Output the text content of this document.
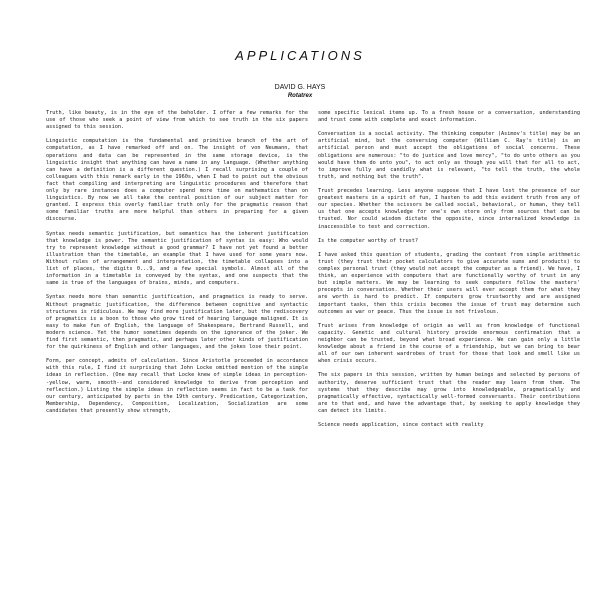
APPLICATIONS
DAVID G. HAYS
Rotatrex

Truth, like beauty, is in the eye of the beholder. I offer a few remarks for the use of those who seek a point of view from which to see truth in the six papers assigned to this session.

Linguistic computation is the fundamental and primitive branch of the art of computation, as I have remarked off and on. The insight of von Neumann, that operations and data can be represented in the same storage device, is the linguistic insight that anything can have a name in any language. (Whether anything can have a definition is a different question.) I recall surprising a couple of colleagues with this remark early in the 1960s, when I had to point out the obvious fact that compiling and interpreting are linguistic procedures and therefore that only by rare instances does a computer spend more time on mathematics than on linguistics. By now we all take the central position of our subject matter for granted. I express this overly familiar truth only for the pragmatic reason that some familiar truths are more helpful than others in preparing for a given discourse.

Syntax needs semantic justification, but semantics has the inherent justification that knowledge is power. The semantic justification of syntax is easy: Who would try to represent knowledge without a good grammar? I have not yet found a better illustration than the timetable, an example that I have used for some years now. Without rules of arrangement and interpretation, the timetable collapses into a list of places, the digits 0...9, and a few special symbols. Almost all of the information in a timetable is conveyed by the syntax, and one suspects that the same is true of the languages of brains, minds, and computers.

Syntax needs more than semantic justification, and pragmatics is ready to serve. Without pragmatic justification, the difference between cognitive and syntactic structures is ridiculous. We may find more justification later, but the rediscovery of pragmatics is a boon to those who grow tired of hearing language maligned. It is easy to make fun of English, the language of Shakespeare, Bertrand Russell, and modern science. Yet the humor sometimes depends on the ignorance of the joker. We find first semantic, then pragmatic, and perhaps later other kinds of justification for the quirkiness of English and other languages, and the jokes lose their point.

Form, per concept, admits of calculation. Since Aristotle proceeded in accordance with this rule, I find it surprising that John Locke omitted mention of the simple ideas in reflection. (One may recall that Locke knew of simple ideas in perception--yellow, warm, smooth--and considered knowledge to derive from perception and reflection.) Listing the simple ideas in reflection seems in fact to be a task for our century, anticipated by parts in the 19th century. Predication, Categorization, Membership, Dependency, Composition, Localization, Socialization are some candidates that presently show strength,

some specific lexical items up. To a fresh house or a conversation, understanding and trust come with complete and exact information.

Conversation is a social activity. The thinking computer (Asimov's title) may be an artificial mind, but the conversing computer (William C. Ray's title) is an artificial person and must accept the obligations of social concerns. These obligations are numerous: "to do justice and love mercy", "to do unto others as you would have them do unto you", to act only as though you will that for all to act, to improve fully and candidly what is relevant, "to tell the truth, the whole truth, and nothing but the truth".

Trust precedes learning. Less anyone suppose that I have lost the presence of our greatest masters in a spirit of fun, I hasten to add this evident truth from any of our species. Whether the scissors be called social, behavioral, or human, they tell us that one accepts knowledge for one's own store only from sources that can be trusted. Nor could wisdom dictate the opposite, since internalized knowledge is inaccessible to test and correction.

Is the computer worthy of trust?

I have asked this question of students, grading the context from simple arithmetic trust (they trust their pocket calculators to give accurate sums and products) to complex personal trust (they would not accept the computer as a friend). We have, I think, an experience with computers that are functionally worthy of trust in any but simple matters. We may be learning to seek computers follow the masters' precepts in conversation. Whether their users will ever accept them for what they are worth is hard to predict. If computers grow trustworthy and are assigned important tasks, then this crisis becomes the issue of trust may determine such outcomes as war or peace. Thus the issue is not frivolous.

Trust arises from knowledge of origin as well as from knowledge of functional capacity. Genetic and cultural history provide enormous confirmation that a neighbor can be trusted, beyond what broad experience. We can gain only a little knowledge about a friend in the course of a friendship, but we can bring to bear all of our own inherent wardrobes of trust for those that look and smell like us when crisis occurs.

The six papers in this session, written by human beings and selected by persons of authority, deserve sufficient trust that the reader may learn from them. The systems that they describe may grow into knowledgeable, pragmatically and pragmatically effective, syntactically well-formed conversants. Their contributions are to that end, and have the advantage that, by seeking to apply knowledge they can detect its limits.

Science needs application, since contact with reality
